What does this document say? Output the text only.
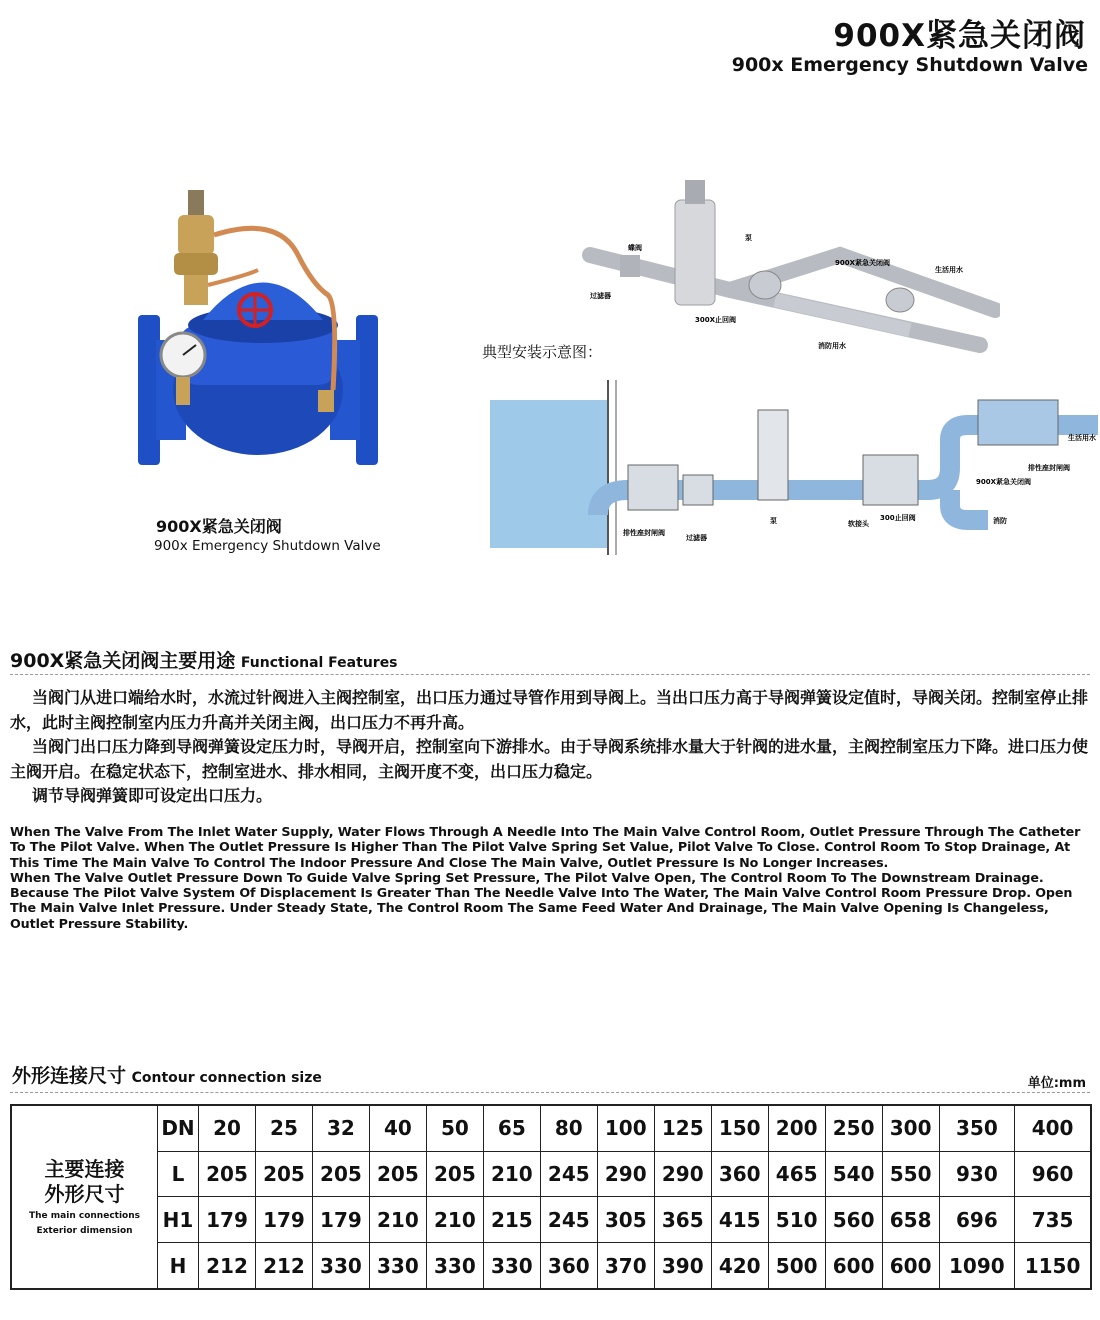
900X紧急关闭阀
900x Emergency Shutdown Valve
900X紧急关闭阀
900x Emergency Shutdown Valve
蝶阀
泵
900X紧急关闭阀
生活用水
过滤器
300X止回阀
消防用水
典型安装示意图：
排性座封闸阀
过滤器
泵	软接头
300止回阀
排性座封闸阀
900X紧急关闭阀
生活用水
消防
900X紧急关闭阀主要用途 Functional Features

当阀门从进口端给水时，水流过针阀进入主阀控制室，出口压力通过导管作用到导阀上。当出口压力高于导阀弹簧设定值时，导阀关闭。控制室停止排水，此时主阀控制室内压力升高并关闭主阀，出口压力不再升高。

当阀门出口压力降到导阀弹簧设定压力时，导阀开启，控制室向下游排水。由于导阀系统排水量大于针阀的进水量，主阀控制室压力下降。进口压力使主阀开启。在稳定状态下，控制室进水、排水相同，主阀开度不变，出口压力稳定。

调节导阀弹簧即可设定出口压力。

When The Valve From The Inlet Water Supply, Water Flows Through A Needle Into The Main Valve Control Room, Outlet Pressure Through The Catheter To The Pilot Valve. When The Outlet Pressure Is Higher Than The Pilot Valve Spring Set Value, Pilot Valve To Close. Control Room To Stop Drainage, At This Time The Main Valve To Control The Indoor Pressure And Close The Main Valve, Outlet Pressure Is No Longer Increases.

When The Valve Outlet Pressure Down To Guide Valve Spring Set Pressure, The Pilot Valve Open, The Control Room To The Downstream Drainage. Because The Pilot Valve System Of Displacement Is Greater Than The Needle Valve Into The Water, The Main Valve Control Room Pressure Drop. Open The Main Valve Inlet Pressure. Under Steady State, The Control Room The Same Feed Water And Drainage, The Main Valve Opening Is Changeless, Outlet Pressure Stability.

外形连接尺寸 Contour connection size	单位:mm
主要连接
外形尺寸
The main connections
Exterior dimension	DN	20	25	32	40	50	65	80	100	125	150	200	250	300	350	400
	L	205	205	205	205	205	210	245	290	290	360	465	540	550	930	960
	H1	179	179	179	210	210	215	245	305	365	415	510	560	658	696	735
	H	212	212	330	330	330	330	360	370	390	420	500	600	600	1090	1150
